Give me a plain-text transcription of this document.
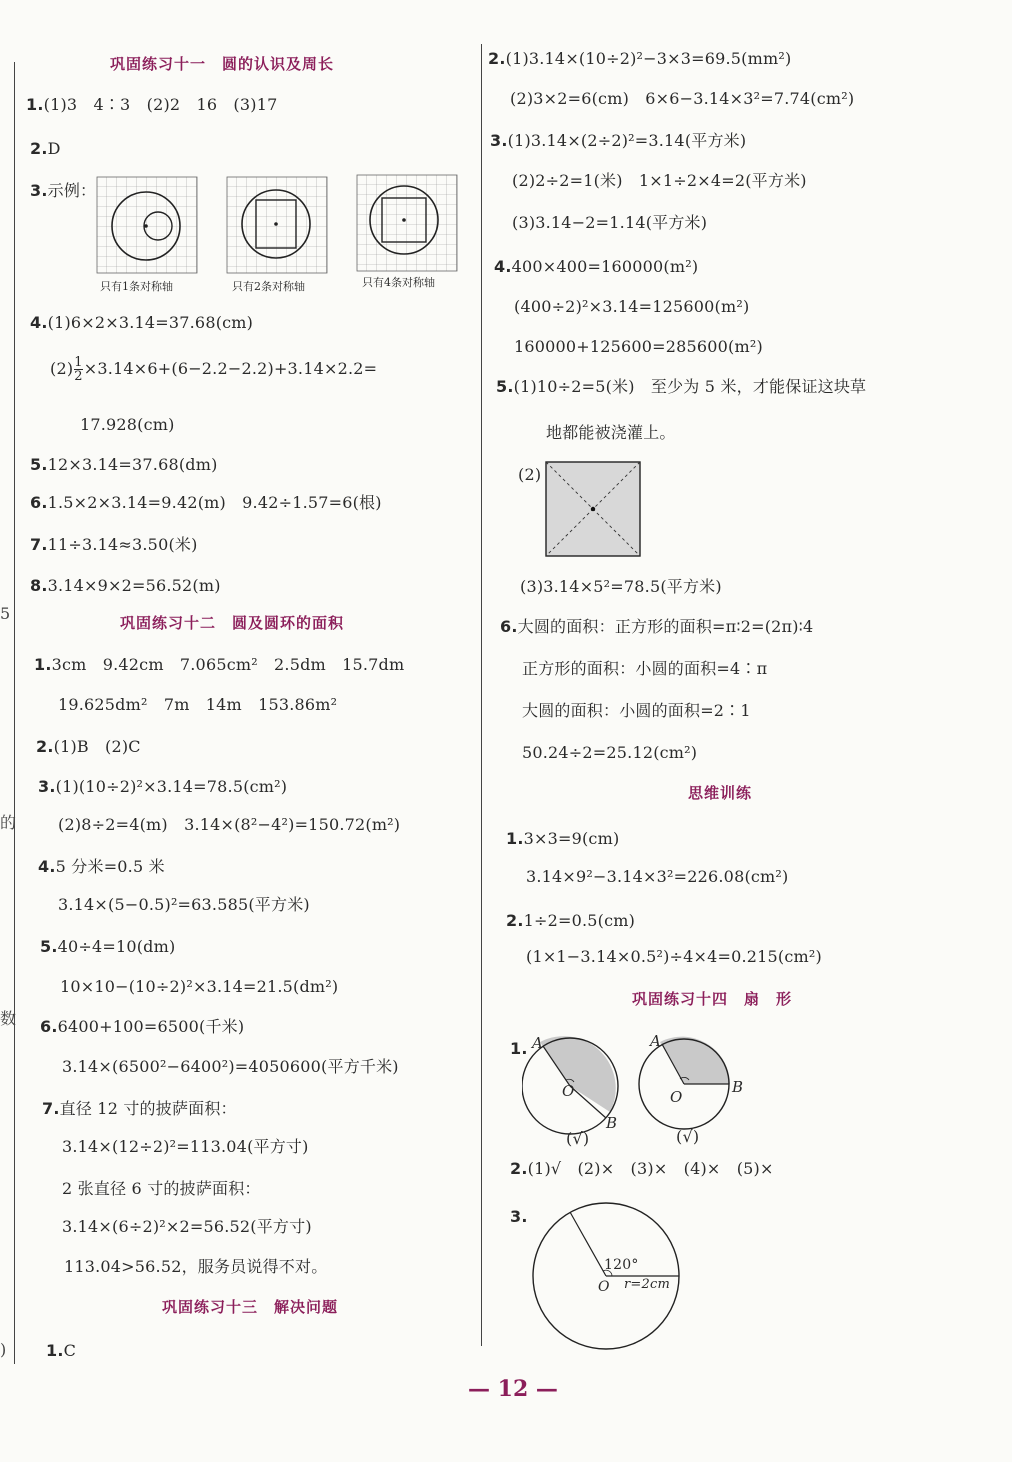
5
的
数
)
巩固练习十一　圆的认识及周长
1.(1)3　4∶3　(2)2　16　(3)17
2.D
3.示例：
只有1条对称轴	只有2条对称轴	只有4条对称轴
4.(1)6×2×3.14=37.68(cm)
$(2) \frac{1}{2} \times 3.14\times 6+(6-2.2-2.2)+3.14\times 2.2=$
17.928(cm)
5.12×3.14=37.68(dm)
6.1.5×2×3.14=9.42(m)　9.42÷1.57=6(根)
7.11÷3.14≈3.50(米)
8.3.14×9×2=56.52(m)
巩固练习十二　圆及圆环的面积
1.3cm　9.42cm　7.065cm²　2.5dm　15.7dm
19.625dm²　7m　14m　153.86m²
2.(1)B　(2)C
3.(1)(10÷2)²×3.14=78.5(cm²)
(2)8÷2=4(m)　3.14×(8²−4²)=150.72(m²)
4.5 分米=0.5 米
3.14×(5−0.5)²=63.585(平方米)
5.40÷4=10(dm)
10×10−(10÷2)²×3.14=21.5(dm²)
6.6400+100=6500(千米)
3.14×(6500²−6400²)=4050600(平方千米)
7.直径 12 寸的披萨面积：
3.14×(12÷2)²=113.04(平方寸)
2 张直径 6 寸的披萨面积：
3.14×(6÷2)²×2=56.52(平方寸)
113.04>56.52，服务员说得不对。
巩固练习十三　解决问题
1.C
2.(1)3.14×(10÷2)²−3×3=69.5(mm²)
(2)3×2=6(cm)　6×6−3.14×3²=7.74(cm²)
3.(1)3.14×(2÷2)²=3.14(平方米)
(2)2÷2=1(米)　1×1÷2×4=2(平方米)
(3)3.14−2=1.14(平方米)
4.400×400=160000(m²)
(400÷2)²×3.14=125600(m²)
160000+125600=285600(m²)
5.(1)10÷2=5(米)　至少为 5 米，才能保证这块草
地都能被浇灌上。
(2)
(3)3.14×5²=78.5(平方米)
6.大圆的面积：正方形的面积=π∶2=(2π)∶4
正方形的面积：小圆的面积=4∶π
大圆的面积：小圆的面积=2∶1
50.24÷2=25.12(cm²)
思维训练
1.3×3=9(cm)
3.14×9²−3.14×3²=226.08(cm²)
2.1÷2=0.5(cm)
(1×1−3.14×0.5²)÷4×4=0.215(cm²)
巩固练习十四　扇　形
1. A
O
B
(√)
A
O
B
(√)
2.(1)√　(2)×　(3)×　(4)×　(5)×
3.
120°
O r=2cm
— 12 —
